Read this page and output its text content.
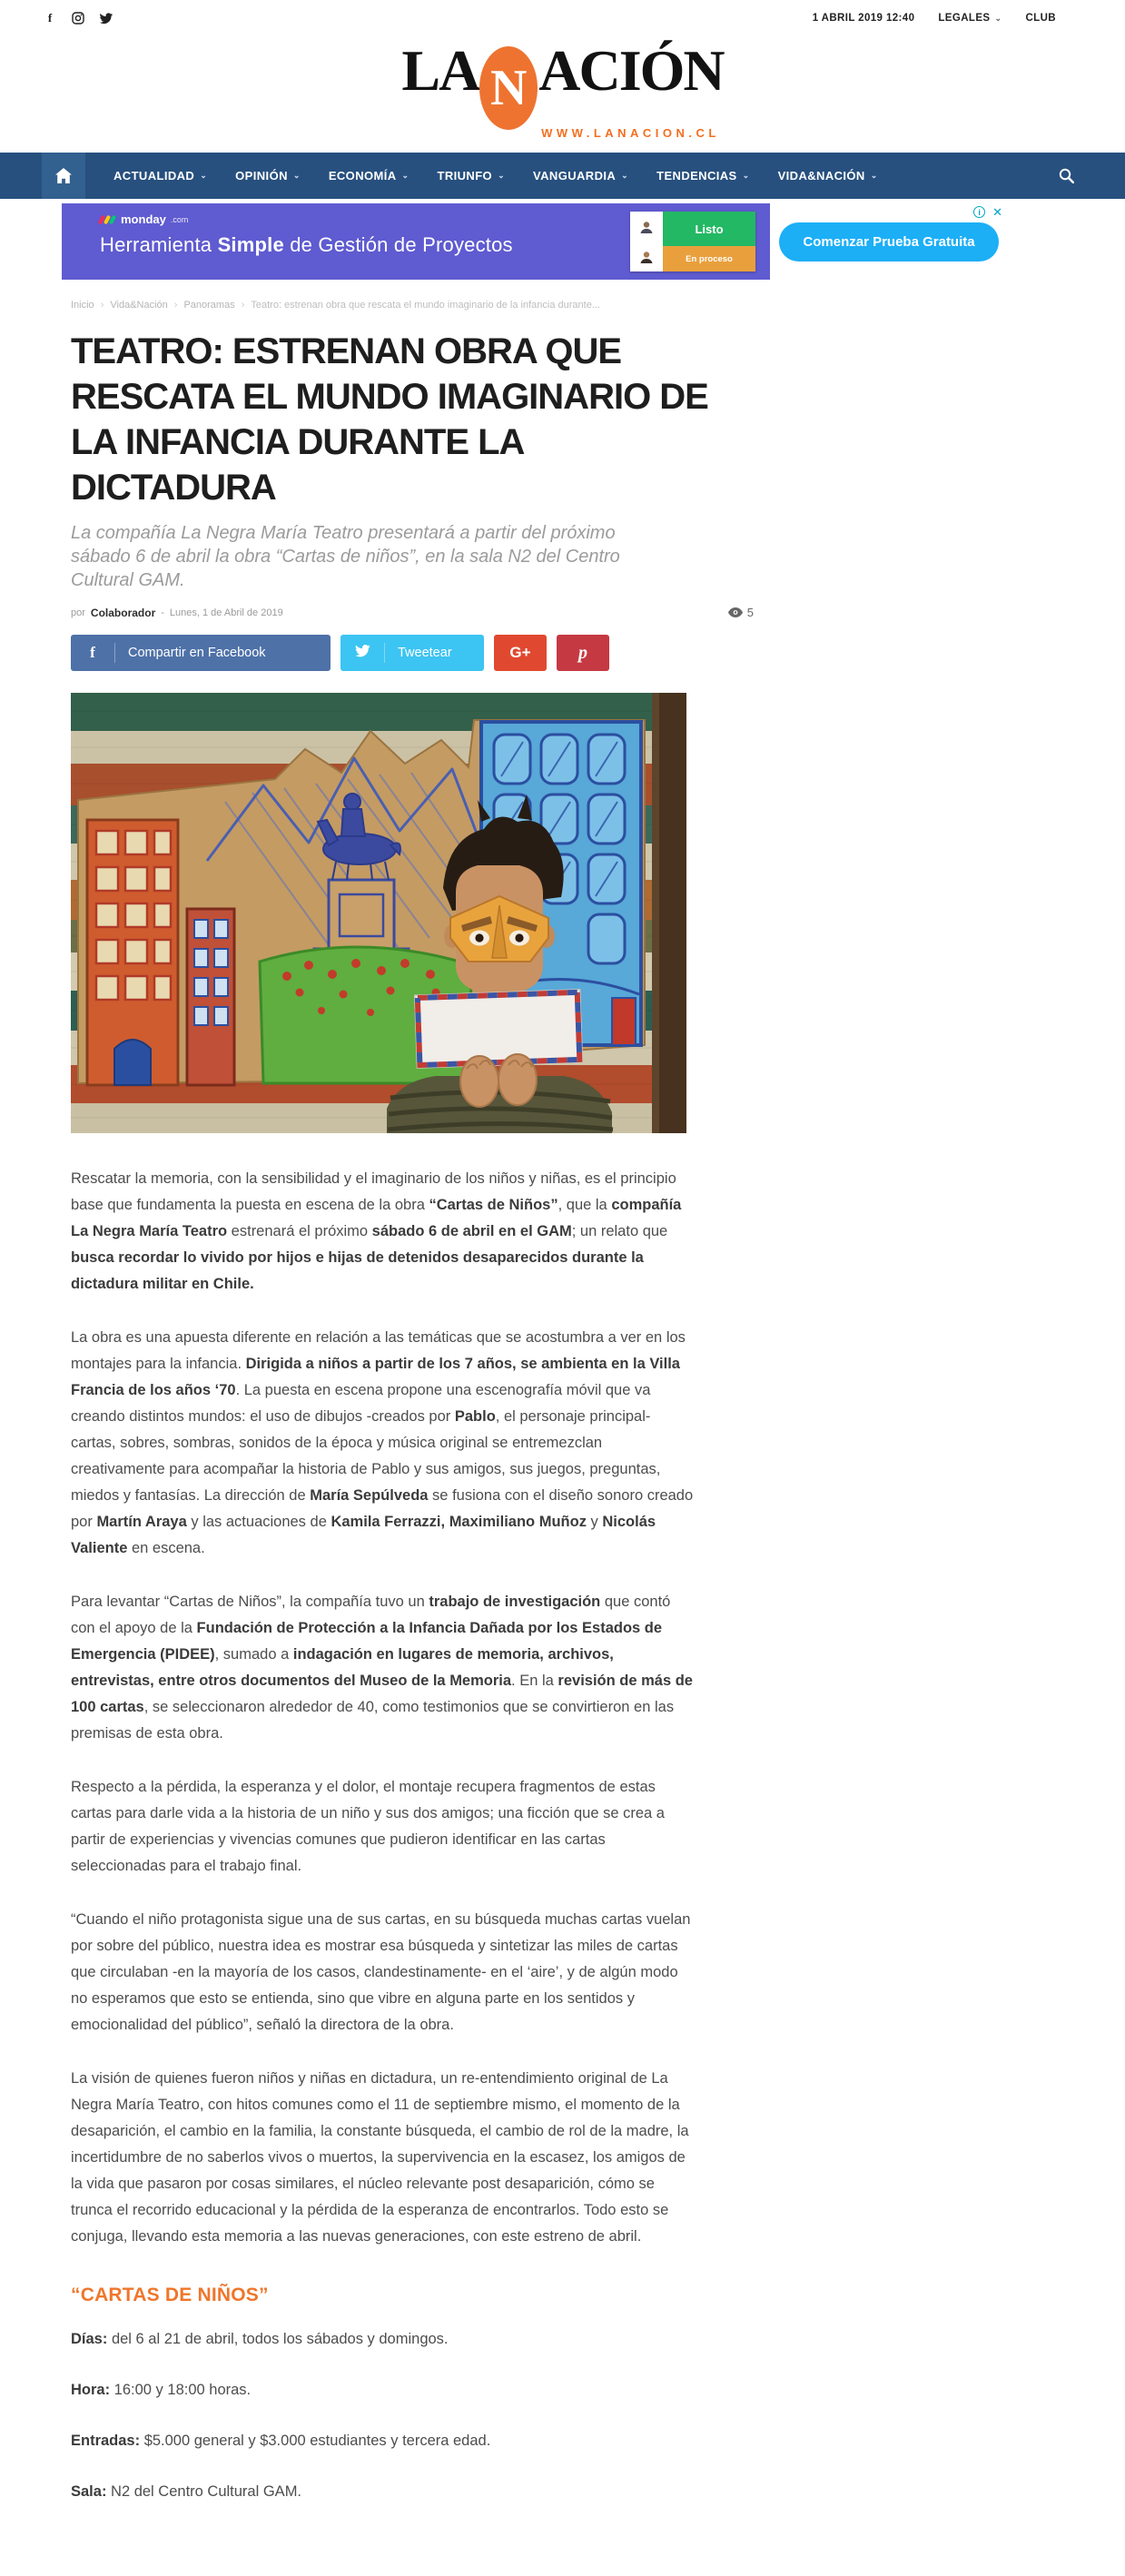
f	1 ABRIL 2019 12:40 LEGALES ⌄ CLUB
LA N ACIÓN
WWW.LANACION.CL
ACTUALIDAD ⌄ OPINIÓN ⌄ ECONOMÍA ⌄ TRIUNFO ⌄ VANGUARDIA ⌄ TENDENCIAS ⌄ VIDA&NACIÓN ⌄
monday .com
Herramienta Simple de Gestión de Proyectos
Listo
En proceso
Comenzar Prueba Gratuita
i	✕
Inicio › Vida&Nación › Panoramas › Teatro: estrenan obra que rescata el mundo imaginario de la infancia durante...
TEATRO: ESTRENAN OBRA QUE RESCATA EL MUNDO IMAGINARIO DE LA INFANCIA DURANTE LA DICTADURA

La compañía La Negra María Teatro presentará a partir del próximo sábado 6 de abril la obra “Cartas de niños”, en la sala N2 del Centro Cultural GAM.

por Colaborador - Lunes, 1 de Abril de 2019	5
f	Compartir en Facebook	Tweetear	G+	p

Rescatar la memoria, con la sensibilidad y el imaginario de los niños y niñas, es el principio base que fundamenta la puesta en escena de la obra “Cartas de Niños”, que la compañía La Negra María Teatro estrenará el próximo sábado 6 de abril en el GAM; un relato que busca recordar lo vivido por hijos e hijas de detenidos desaparecidos durante la dictadura militar en Chile.

La obra es una apuesta diferente en relación a las temáticas que se acostumbra a ver en los montajes para la infancia. Dirigida a niños a partir de los 7 años, se ambienta en la Villa Francia de los años ‘70. La puesta en escena propone una escenografía móvil que va creando distintos mundos: el uso de dibujos -creados por Pablo, el personaje principal- cartas, sobres, sombras, sonidos de la época y música original se entremezclan creativamente para acompañar la historia de Pablo y sus amigos, sus juegos, preguntas, miedos y fantasías. La dirección de María Sepúlveda se fusiona con el diseño sonoro creado por Martín Araya y las actuaciones de Kamila Ferrazzi, Maximiliano Muñoz y Nicolás Valiente en escena.

Para levantar “Cartas de Niños”, la compañía tuvo un trabajo de investigación que contó con el apoyo de la Fundación de Protección a la Infancia Dañada por los Estados de Emergencia (PIDEE), sumado a indagación en lugares de memoria, archivos, entrevistas, entre otros documentos del Museo de la Memoria. En la revisión de más de 100 cartas, se seleccionaron alrededor de 40, como testimonios que se convirtieron en las premisas de esta obra.

Respecto a la pérdida, la esperanza y el dolor, el montaje recupera fragmentos de estas cartas para darle vida a la historia de un niño y sus dos amigos; una ficción que se crea a partir de experiencias y vivencias comunes que pudieron identificar en las cartas seleccionadas para el trabajo final.

“Cuando el niño protagonista sigue una de sus cartas, en su búsqueda muchas cartas vuelan por sobre del público, nuestra idea es mostrar esa búsqueda y sintetizar las miles de cartas que circulaban -en la mayoría de los casos, clandestinamente- en el ‘aire’, y de algún modo no esperamos que esto se entienda, sino que vibre en alguna parte en los sentidos y emocionalidad del público”, señaló la directora de la obra.

La visión de quienes fueron niños y niñas en dictadura, un re-entendimiento original de La Negra María Teatro, con hitos comunes como el 11 de septiembre mismo, el momento de la desaparición, el cambio en la familia, la constante búsqueda, el cambio de rol de la madre, la incertidumbre de no saberlos vivos o muertos, la supervivencia en la escasez, los amigos de la vida que pasaron por cosas similares, el núcleo relevante post desaparición, cómo se trunca el recorrido educacional y la pérdida de la esperanza de encontrarlos. Todo esto se conjuga, llevando esta memoria a las nuevas generaciones, con este estreno de abril.

“CARTAS DE NIÑOS”

Días: del 6 al 21 de abril, todos los sábados y domingos.

Hora: 16:00 y 18:00 horas.

Entradas: $5.000 general y $3.000 estudiantes y tercera edad.

Sala: N2 del Centro Cultural GAM.
